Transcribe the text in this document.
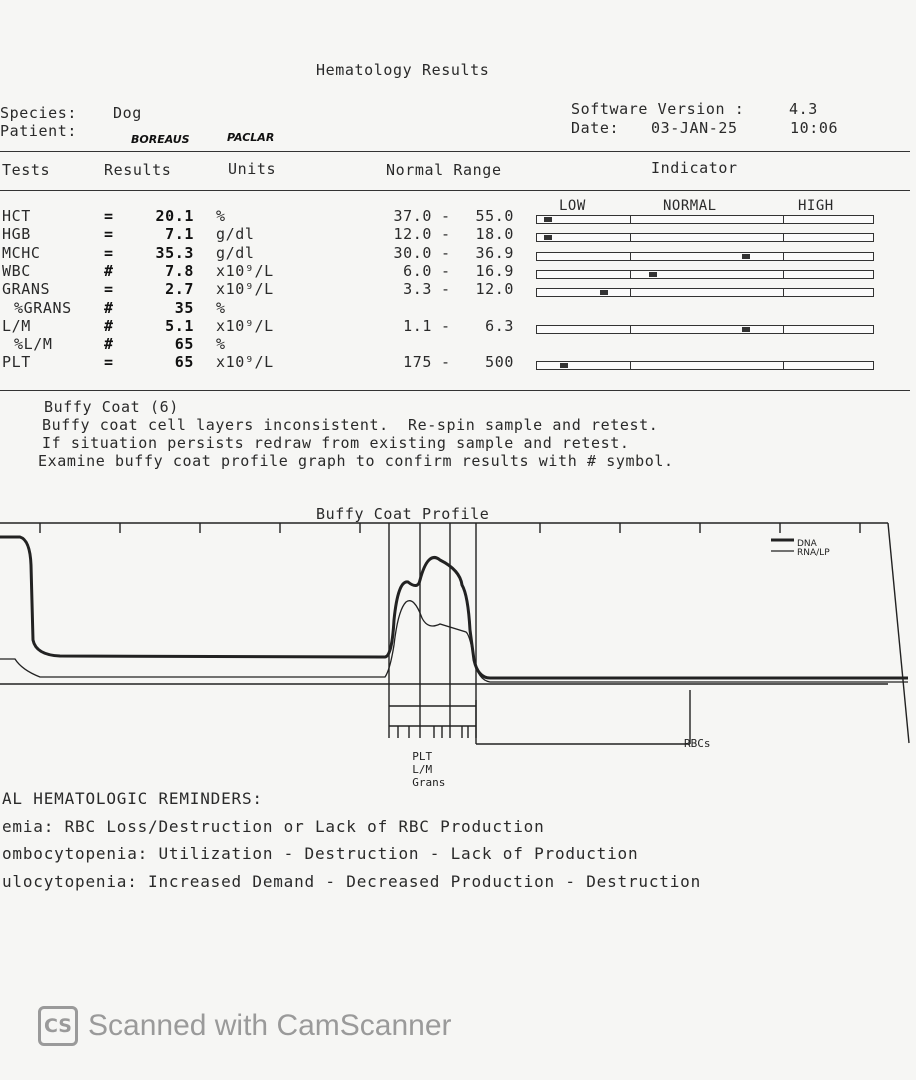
Hematology Results
Species: Dog
Patient:	BOREAUS	PACLAR
Software Version :	4.3
Date: 03-JAN-25	10:06
Tests	Results	Units	Normal Range	Indicator
LOW	NORMAL	HIGH
HCT	=	20.1 %	37.0 -	55.0
HGB	=	7.1 g/dl	12.0 -	18.0
MCHC	=	35.3 g/dl	30.0 -	36.9
WBC	#	7.8 x10⁹/L	6.0 -	16.9
GRANS	=	2.7 x10⁹/L	3.3 -	12.0
%GRANS #	35 %
L/M	#	5.1 x10⁹/L	1.1 -	6.3
%L/M	#	65 %
PLT	=	65 x10⁹/L	175 -	500
Buffy Coat (6)
Buffy coat cell layers inconsistent.  Re-spin sample and retest.
If situation persists redraw from existing sample and retest.
Examine buffy coat profile graph to confirm results with # symbol.
Buffy Coat Profile
DNA
RNA/LP

PLT
L/M
Grans

RBCs
AL HEMATOLOGIC REMINDERS:
emia: RBC Loss/Destruction or Lack of RBC Production
ombocytopenia: Utilization - Destruction - Lack of Production
ulocytopenia: Increased Demand - Decreased Production - Destruction
CS Scanned with CamScanner
